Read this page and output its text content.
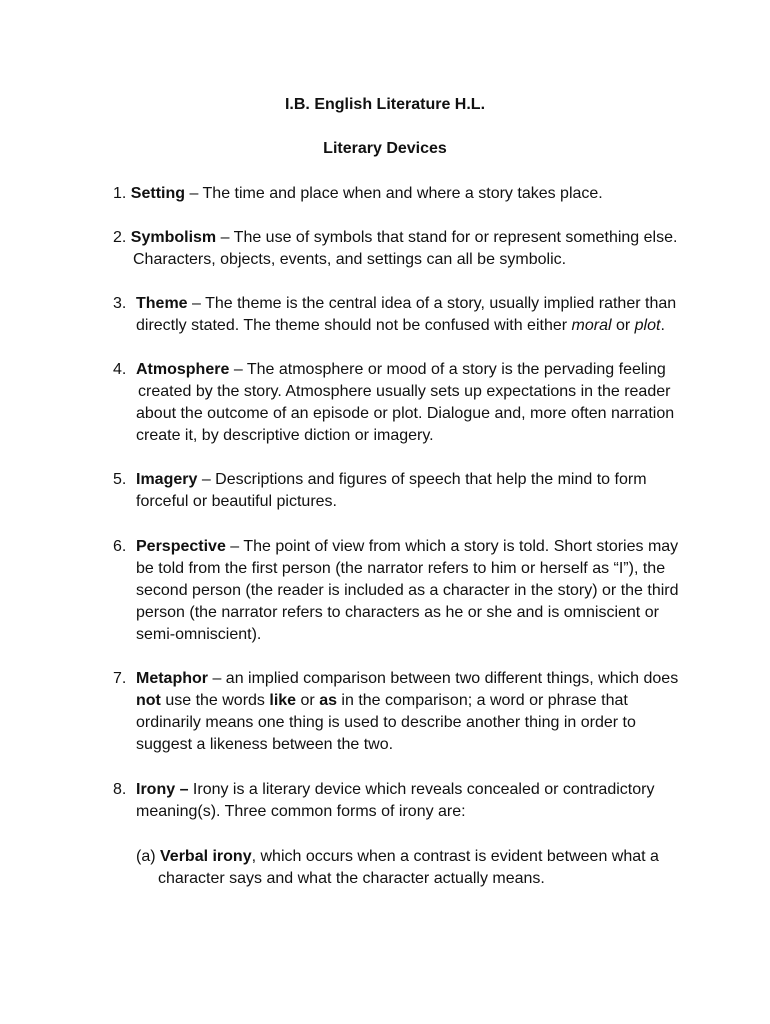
I.B. English Literature H.L.
Literary Devices
1. Setting – The time and place when and where a story takes place.
2. Symbolism – The use of symbols that stand for or represent something else.
Characters, objects, events, and settings can all be symbolic.
3. Theme – The theme is the central idea of a story, usually implied rather than
directly stated. The theme should not be confused with either moral or plot.
4. Atmosphere – The atmosphere or mood of a story is the pervading feeling
created by the story. Atmosphere usually sets up expectations in the reader
about the outcome of an episode or plot. Dialogue and, more often narration
create it, by descriptive diction or imagery.
5. Imagery – Descriptions and figures of speech that help the mind to form
forceful or beautiful pictures.
6. Perspective – The point of view from which a story is told. Short stories may
be told from the first person (the narrator refers to him or herself as “I”), the
second person (the reader is included as a character in the story) or the third
person (the narrator refers to characters as he or she and is omniscient or
semi-omniscient).
7. Metaphor – an implied comparison between two different things, which does
not use the words like or as in the comparison; a word or phrase that
ordinarily means one thing is used to describe another thing in order to
suggest a likeness between the two.
8. Irony – Irony is a literary device which reveals concealed or contradictory
meaning(s). Three common forms of irony are:
(a) Verbal irony, which occurs when a contrast is evident between what a
character says and what the character actually means.
